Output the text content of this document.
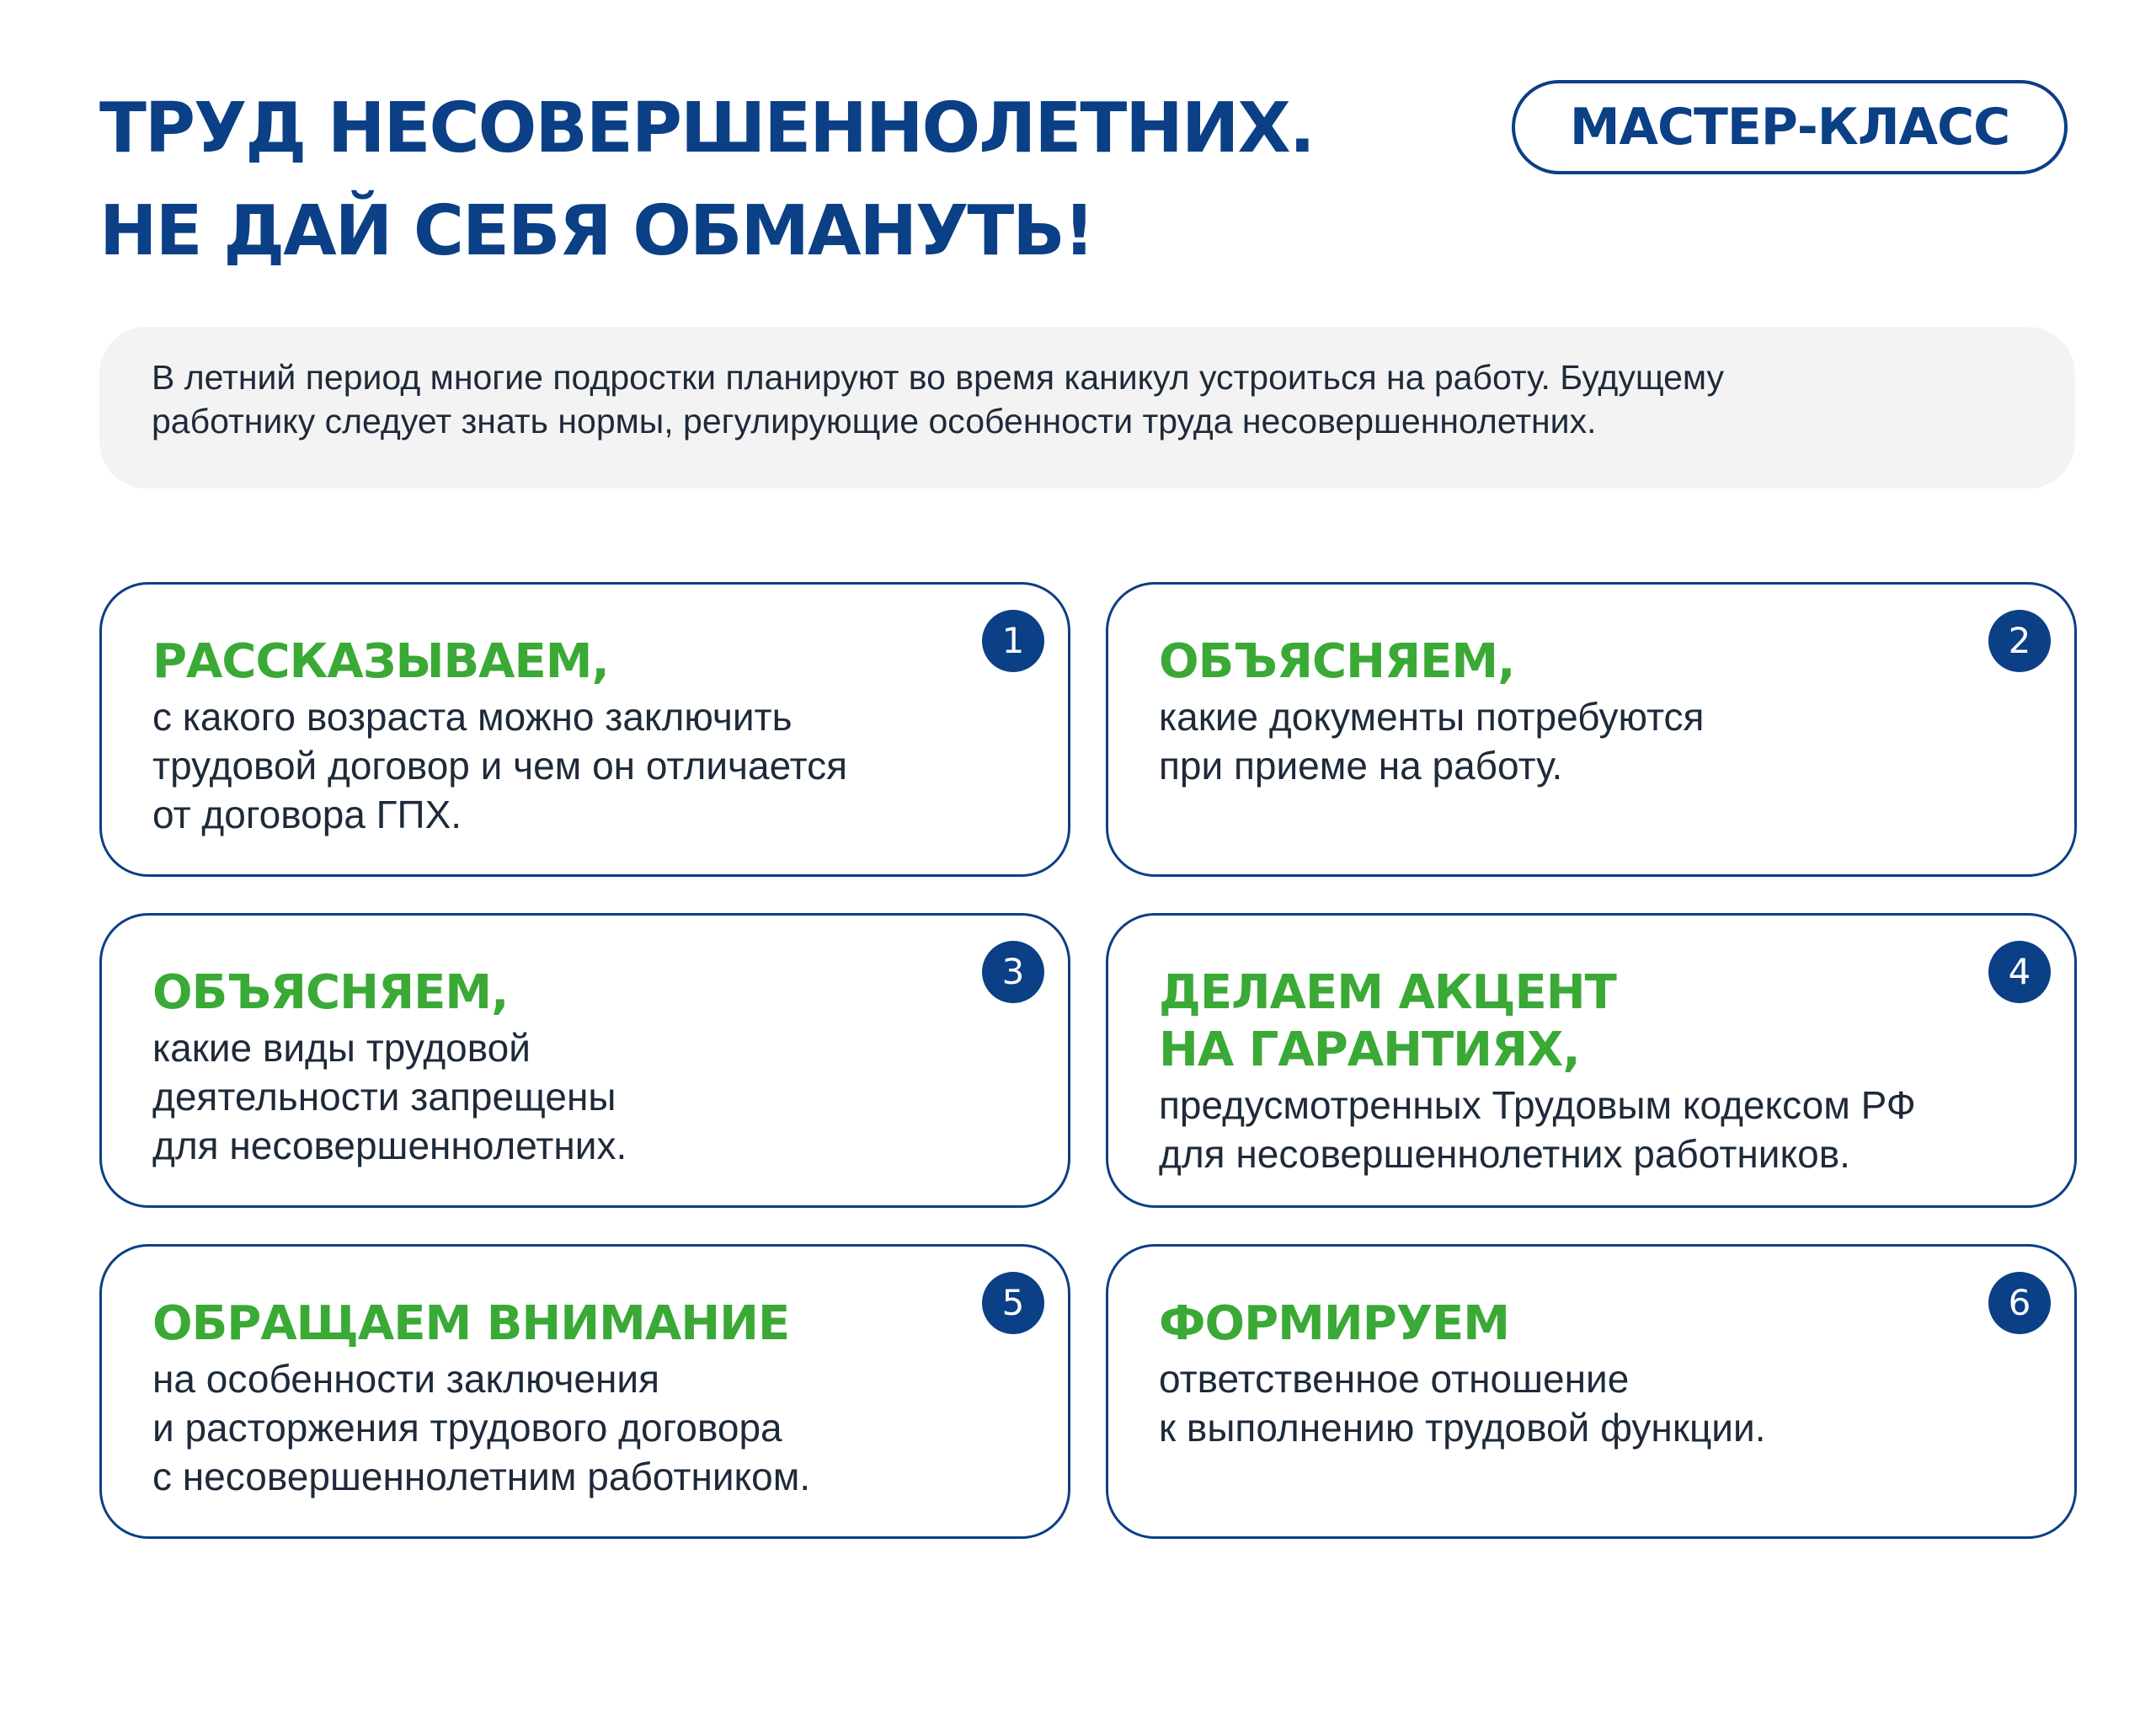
ТРУД НЕСОВЕРШЕННОЛЕТНИХ.
НЕ ДАЙ СЕБЯ ОБМАНУТЬ!
МАСТЕР-КЛАСС
В летний период многие подростки планируют во время каникул устроиться на работу. Будущему
работнику следует знать нормы, регулирующие особенности труда несовершеннолетних.
1
РАССКАЗЫВАЕМ,
с какого возраста можно заключить
трудовой договор и чем он отличается
от договора ГПХ.
2
ОБЪЯСНЯЕМ,
какие документы потребуются
при приеме на работу.
3
ОБЪЯСНЯЕМ,
какие виды трудовой
деятельности запрещены
для несовершеннолетних.
4
ДЕЛАЕМ АКЦЕНТ
НА ГАРАНТИЯХ,
предусмотренных Трудовым кодексом РФ
для несовершеннолетних работников.
5
ОБРАЩАЕМ ВНИМАНИЕ
на особенности заключения
и расторжения трудового договора
с несовершеннолетним работником.
6
ФОРМИРУЕМ
ответственное отношение
к выполнению трудовой функции.
